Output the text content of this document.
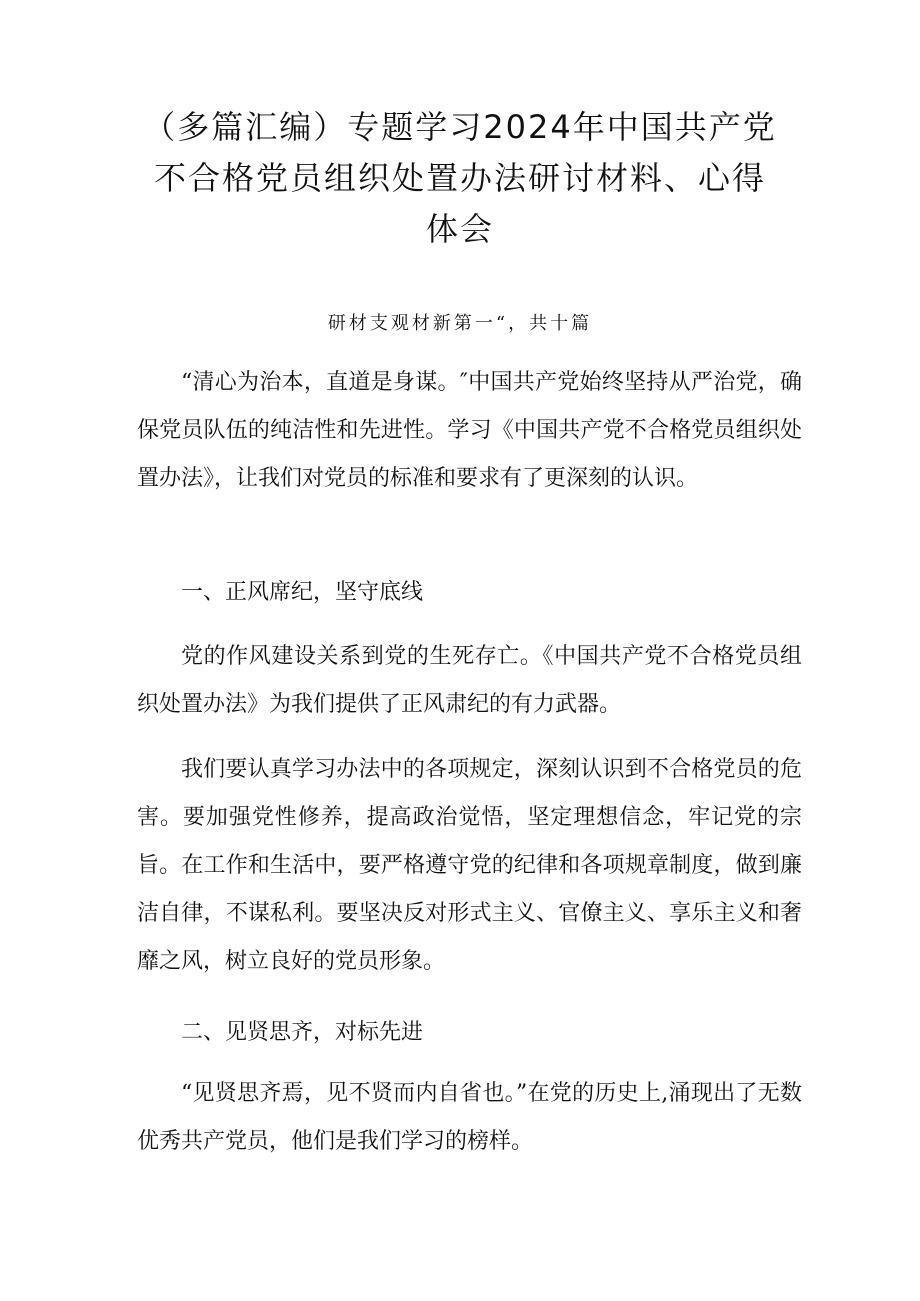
（多篇汇编）专题学习2024年中国共产党
不合格党员组织处置办法研讨材料、心得
体会

研材支观材新第一“，共十篇

“清心为治本，直道是身谋。″中国共产党始终坚持从严治党，确保党员队伍的纯洁性和先进性。学习《中国共产党不合格党员组织处置办法》，让我们对党员的标准和要求有了更深刻的认识。

一、正风席纪，坚守底线

党的作风建设关系到党的生死存亡。《中国共产党不合格党员组织处置办法》为我们提供了正风肃纪的有力武器。

我们要认真学习办法中的各项规定，深刻认识到不合格党员的危害。要加强党性修养，提高政治觉悟，坚定理想信念，牢记党的宗旨。在工作和生活中，要严格遵守党的纪律和各项规章制度，做到廉洁自律，不谋私利。要坚决反对形式主义、官僚主义、享乐主义和奢靡之风，树立良好的党员形象。

二、见贤思齐，对标先进

“见贤思齐焉，见不贤而内自省也。”在党的历史上,涌现出了无数优秀共产党员，他们是我们学习的榜样。
